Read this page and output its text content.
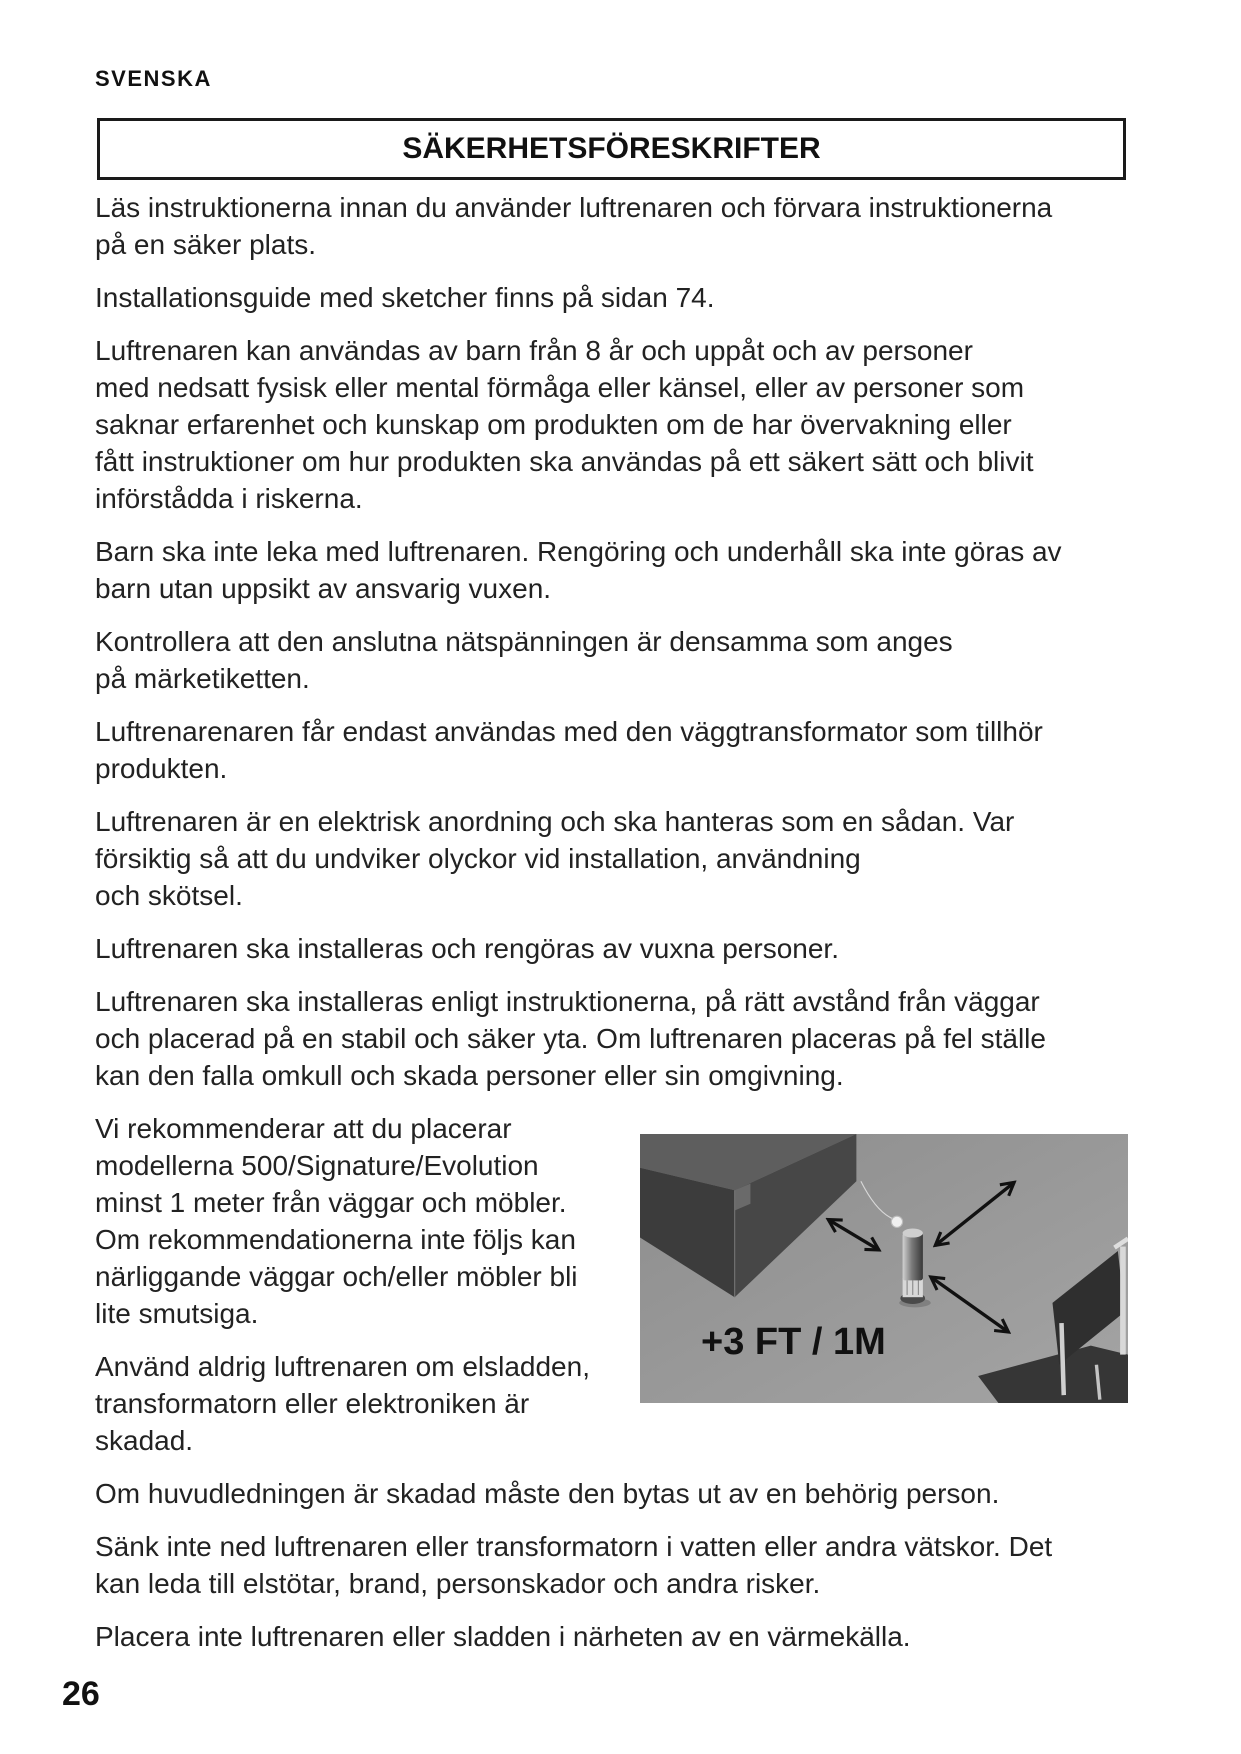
SVENSKA
SÄKERHETSFÖRESKRIFTER

Läs instruktionerna innan du använder luftrenaren och förvara instruktionerna
på en säker plats.

Installationsguide med sketcher finns på sidan 74.

Luftrenaren kan användas av barn från 8 år och uppåt och av personer
med nedsatt fysisk eller mental förmåga eller känsel, eller av personer som
saknar erfarenhet och kunskap om produkten om de har övervakning eller
fått instruktioner om hur produkten ska användas på ett säkert sätt och blivit
införstådda i riskerna.

Barn ska inte leka med luftrenaren. Rengöring och underhåll ska inte göras av
barn utan uppsikt av ansvarig vuxen.

Kontrollera att den anslutna nätspänningen är densamma som anges
på märketiketten.

Luftrenarenaren får endast användas med den väggtransformator som tillhör
produkten.

Luftrenaren är en elektrisk anordning och ska hanteras som en sådan. Var
försiktig så att du undviker olyckor vid installation, användning
och skötsel.

Luftrenaren ska installeras och rengöras av vuxna personer.

Luftrenaren ska installeras enligt instruktionerna, på rätt avstånd från väggar
och placerad på en stabil och säker yta. Om luftrenaren placeras på fel ställe
kan den falla omkull och skada personer eller sin omgivning.

Vi rekommenderar att du placerar
modellerna 500/Signature/Evolution
minst 1 meter från väggar och möbler.
Om rekommendationerna inte följs kan
närliggande väggar och/eller möbler bli
lite smutsiga.

Använd aldrig luftrenaren om elsladden,
transformatorn eller elektroniken är
skadad.

+3 FT / 1M

Om huvudledningen är skadad måste den bytas ut av en behörig person.

Sänk inte ned luftrenaren eller transformatorn i vatten eller andra vätskor. Det
kan leda till elstötar, brand, personskador och andra risker.

Placera inte luftrenaren eller sladden i närheten av en värmekälla.

26
